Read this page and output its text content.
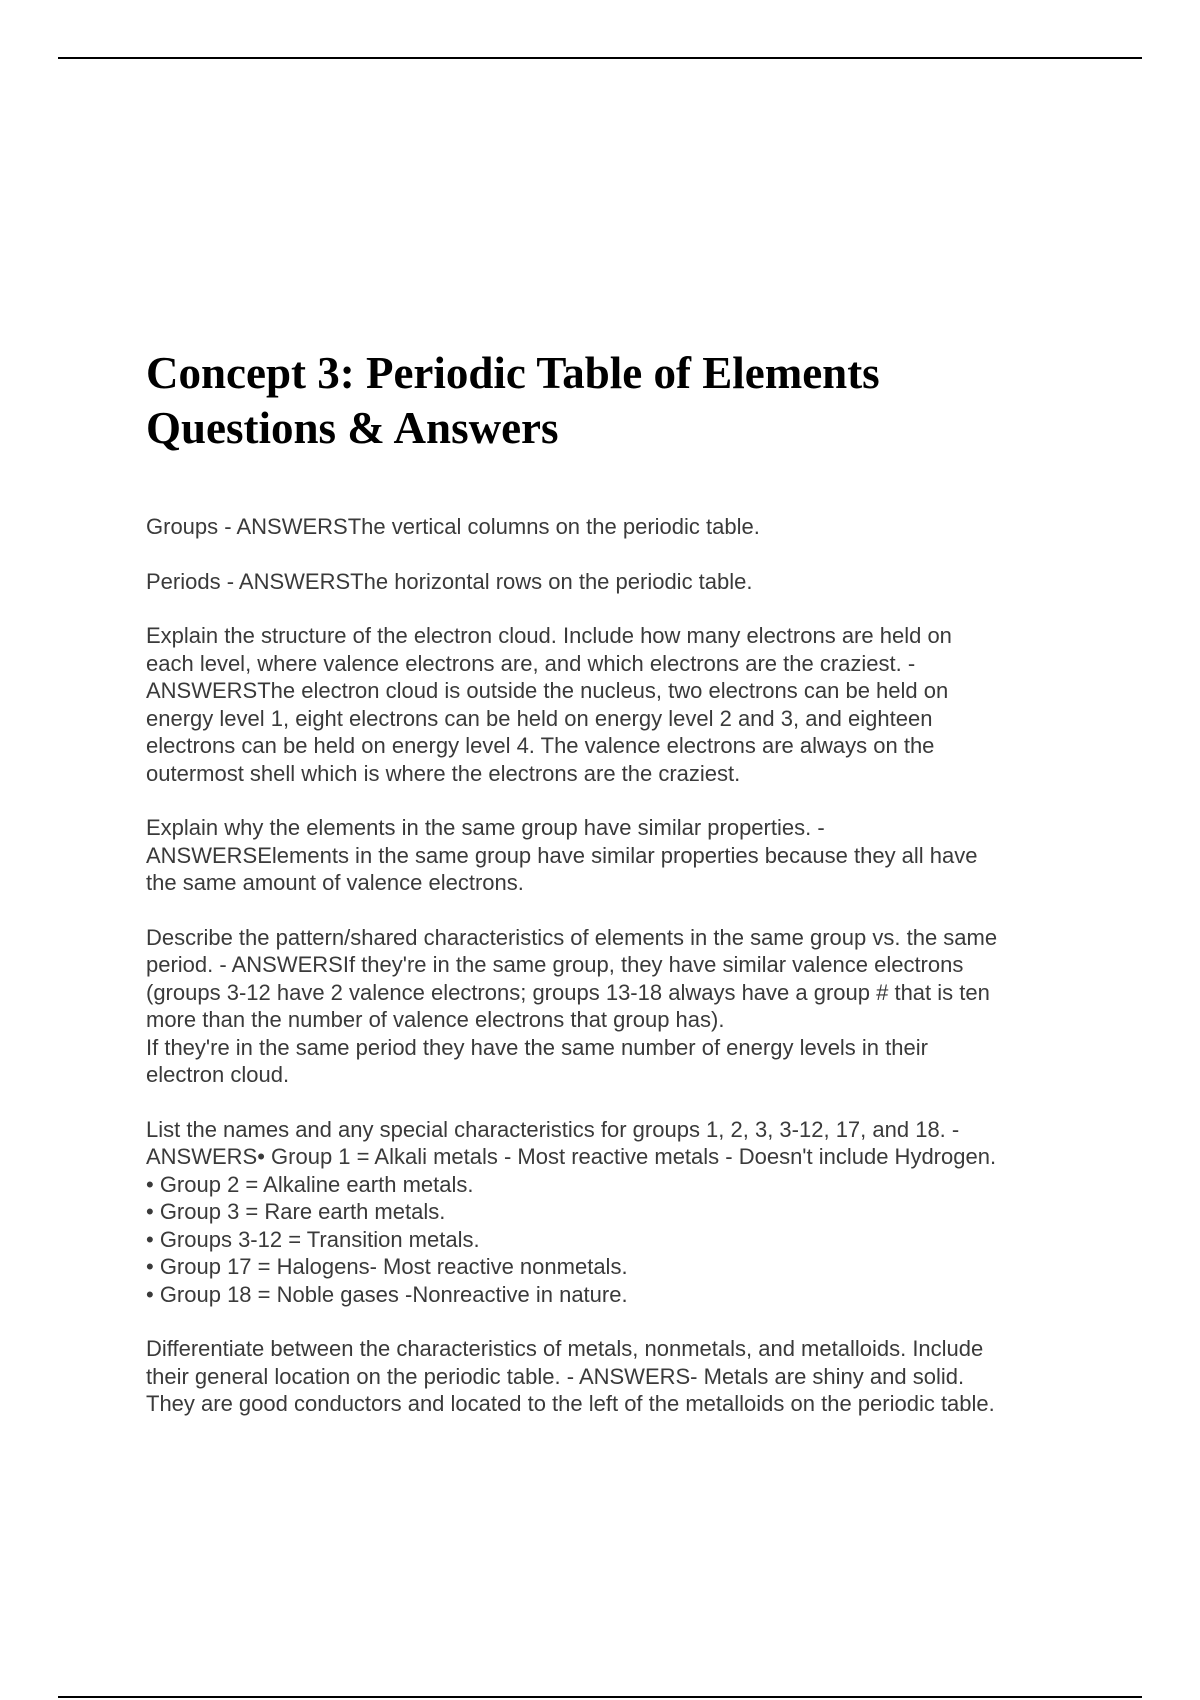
Concept 3: Periodic Table of Elements
Questions & Answers

Groups - ANSWERSThe vertical columns on the periodic table.

Periods - ANSWERSThe horizontal rows on the periodic table.

Explain the structure of the electron cloud. Include how many electrons are held on
each level, where valence electrons are, and which electrons are the craziest. -
ANSWERSThe electron cloud is outside the nucleus, two electrons can be held on
energy level 1, eight electrons can be held on energy level 2 and 3, and eighteen
electrons can be held on energy level 4. The valence electrons are always on the
outermost shell which is where the electrons are the craziest.

Explain why the elements in the same group have similar properties. -
ANSWERSElements in the same group have similar properties because they all have
the same amount of valence electrons.

Describe the pattern/shared characteristics of elements in the same group vs. the same
period. - ANSWERSIf they're in the same group, they have similar valence electrons
(groups 3-12 have 2 valence electrons; groups 13-18 always have a group # that is ten
more than the number of valence electrons that group has).
If they're in the same period they have the same number of energy levels in their
electron cloud.

List the names and any special characteristics for groups 1, 2, 3, 3-12, 17, and 18. -
ANSWERS• Group 1 = Alkali metals - Most reactive metals - Doesn't include Hydrogen.
• Group 2 = Alkaline earth metals.
• Group 3 = Rare earth metals.
• Groups 3-12 = Transition metals.
• Group 17 = Halogens- Most reactive nonmetals.
• Group 18 = Noble gases -Nonreactive in nature.

Differentiate between the characteristics of metals, nonmetals, and metalloids. Include
their general location on the periodic table. - ANSWERS- Metals are shiny and solid.
They are good conductors and located to the left of the metalloids on the periodic table.
